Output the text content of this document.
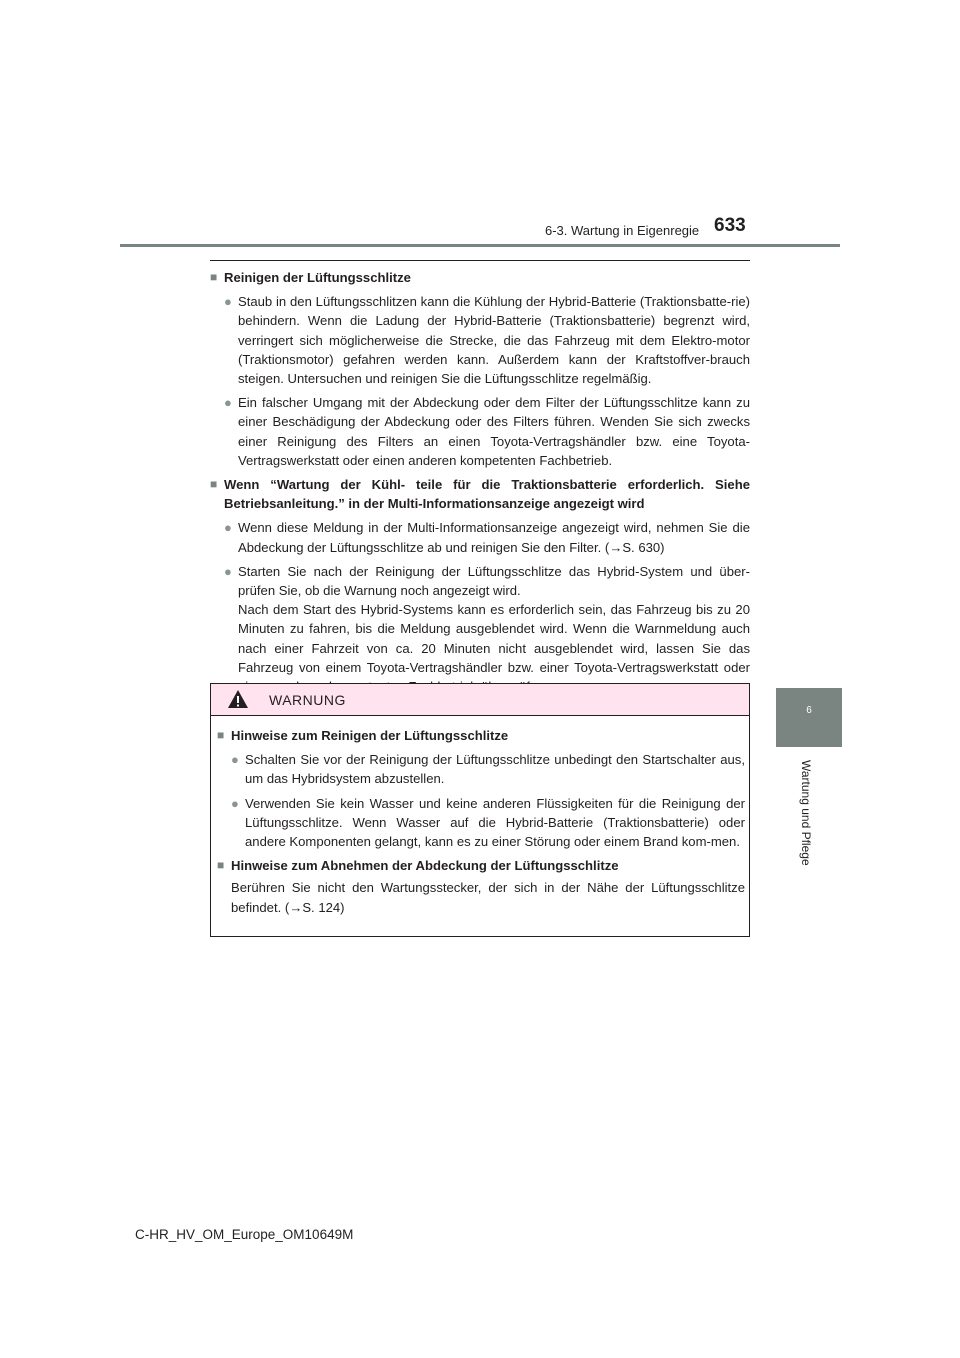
6-3. Wartung in Eigenregie 633
6
Wartung und Pflege
■ Reinigen der Lüftungsschlitze
● Staub in den Lüftungsschlitzen kann die Kühlung der Hybrid-Batterie (Traktionsbatte-rie) behindern. Wenn die Ladung der Hybrid-Batterie (Traktionsbatterie) begrenzt wird, verringert sich möglicherweise die Strecke, die das Fahrzeug mit dem Elektro-motor (Traktionsmotor) gefahren werden kann. Außerdem kann der Kraftstoffver-brauch steigen. Untersuchen und reinigen Sie die Lüftungsschlitze regelmäßig.

● Ein falscher Umgang mit der Abdeckung oder dem Filter der Lüftungsschlitze kann zu einer Beschädigung der Abdeckung oder des Filters führen. Wenden Sie sich zwecks einer Reinigung des Filters an einen Toyota-Vertragshändler bzw. eine Toyota-Vertragswerkstatt oder einen anderen kompetenten Fachbetrieb.

■ Wenn “Wartung der Kühl- teile für die Traktionsbatterie erforderlich. Siehe Betriebsanleitung.” in der Multi-Informationsanzeige angezeigt wird
● Wenn diese Meldung in der Multi-Informationsanzeige angezeigt wird, nehmen Sie die Abdeckung der Lüftungsschlitze ab und reinigen Sie den Filter. (→S. 630)

● Starten Sie nach der Reinigung der Lüftungsschlitze das Hybrid-System und über-prüfen Sie, ob die Warnung noch angezeigt wird.

Nach dem Start des Hybrid-Systems kann es erforderlich sein, das Fahrzeug bis zu 20 Minuten zu fahren, bis die Meldung ausgeblendet wird. Wenn die Warnmeldung auch nach einer Fahrzeit von ca. 20 Minuten nicht ausgeblendet wird, lassen Sie das Fahrzeug von einem Toyota-Vertragshändler bzw. einer Toyota-Vertragswerkstatt oder

WARNUNG
■ Hinweise zum Reinigen der Lüftungsschlitze
● Schalten Sie vor der Reinigung der Lüftungsschlitze unbedingt den Startschalter aus, um das Hybridsystem abzustellen.

● Verwenden Sie kein Wasser und keine anderen Flüssigkeiten für die Reinigung der Lüftungsschlitze. Wenn Wasser auf die Hybrid-Batterie (Traktionsbatterie) oder andere Komponenten gelangt, kann es zu einer Störung oder einem Brand kom-men.

■ Hinweise zum Abnehmen der Abdeckung der Lüftungsschlitze

Berühren Sie nicht den Wartungsstecker, der sich in der Nähe der Lüftungsschlitze befindet. (→S. 124)

C-HR_HV_OM_Europe_OM10649M
